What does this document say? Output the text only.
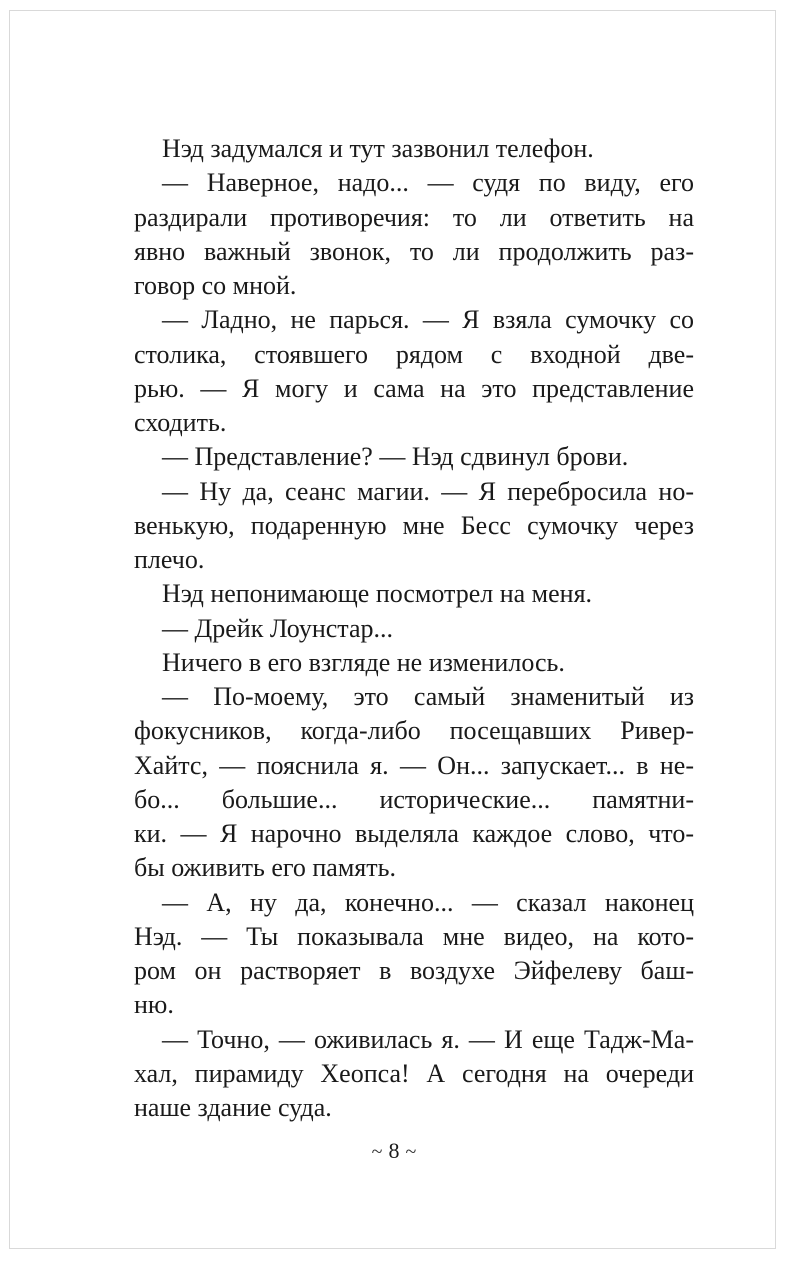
Нэд задумался и тут зазвонил телефон.
— Наверное, надо... — судя по виду, его
раздирали противоречия: то ли ответить на
явно важный звонок, то ли продолжить раз-
говор со мной.
— Ладно, не парься. — Я взяла сумочку со
столика, стоявшего рядом с входной две-
рью. — Я могу и сама на это представление
сходить.
— Представление? — Нэд сдвинул брови.
— Ну да, сеанс магии. — Я перебросила но-
венькую, подаренную мне Бесс сумочку через
плечо.
Нэд непонимающе посмотрел на меня.
— Дрейк Лоунстар...
Ничего в его взгляде не изменилось.
— По-моему, это самый знаменитый из
фокусников, когда-либо посещавших Ривер-
Хайтс, — пояснила я. — Он... запускает... в не-
бо... большие... исторические... памятни-
ки. — Я нарочно выделяла каждое слово, что-
бы оживить его память.
— А, ну да, конечно... — сказал наконец
Нэд. — Ты показывала мне видео, на кото-
ром он растворяет в воздухе Эйфелеву баш-
ню.
— Точно, — оживилась я. — И еще Тадж-Ма-
хал, пирамиду Хеопса! А сегодня на очереди
наше здание суда.
~ 8 ~
